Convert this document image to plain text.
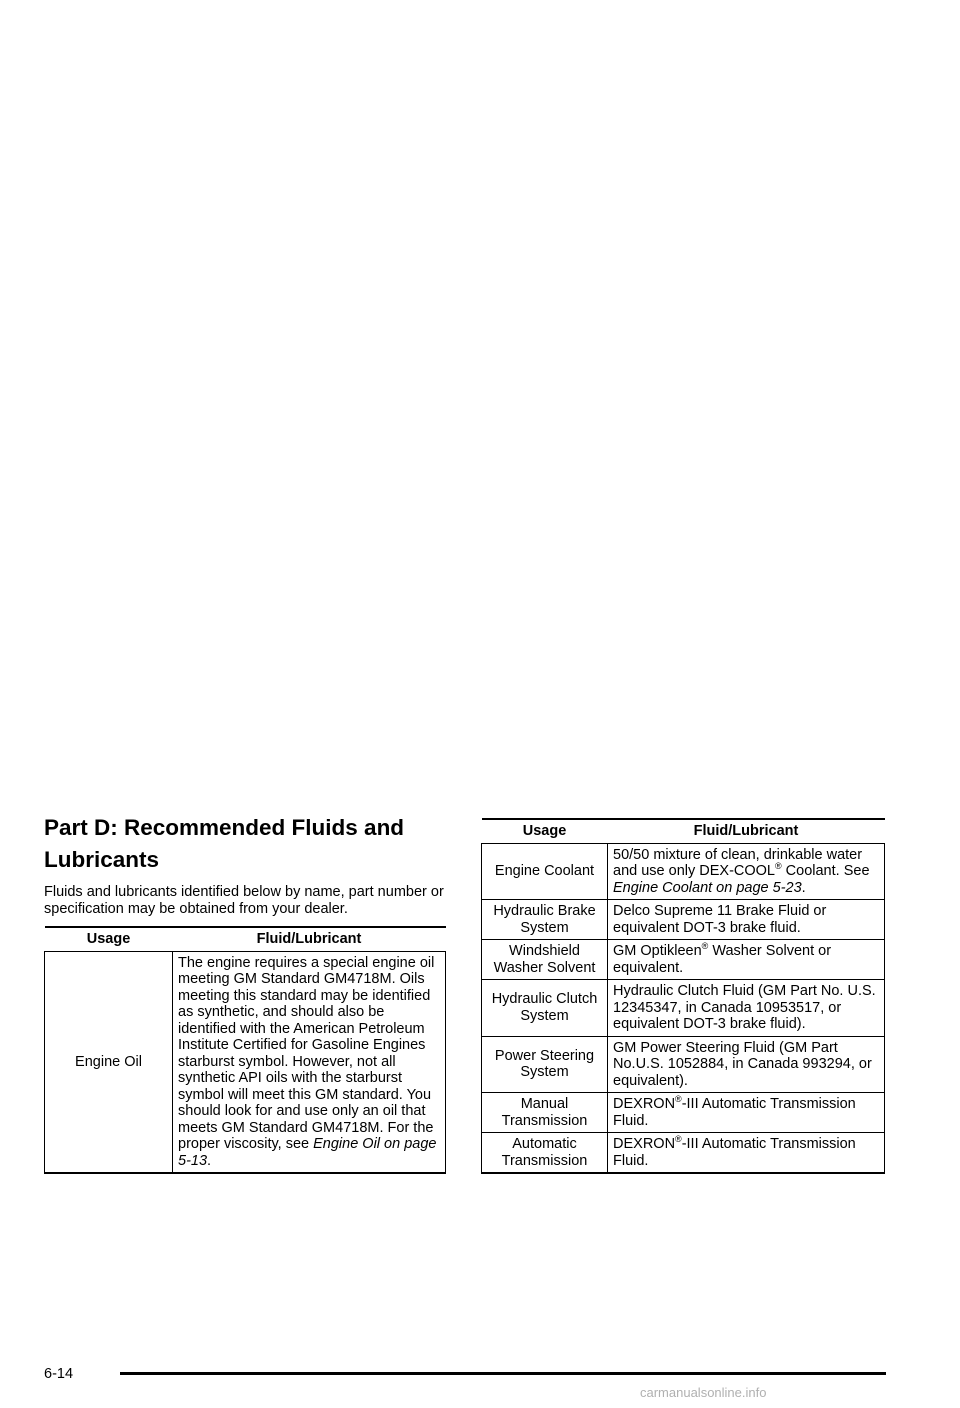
Part D: Recommended Fluids and Lubricants

Fluids and lubricants identified below by name, part number or specification may be obtained from your dealer.

Usage	Fluid/Lubricant
Engine Oil	The engine requires a special engine oil meeting GM Standard GM4718M. Oils meeting this standard may be identified as synthetic, and should also be identified with the American Petroleum Institute Certified for Gasoline Engines starburst symbol. However, not all synthetic API oils with the starburst symbol will meet this GM standard. You should look for and use only an oil that meets GM Standard GM4718M. For the proper viscosity, see Engine Oil on page 5-13.
Usage	Fluid/Lubricant
Engine Coolant	50/50 mixture of clean, drinkable water and use only DEX-COOL® Coolant. See Engine Coolant on page 5-23.
Hydraulic Brake System	Delco Supreme 11 Brake Fluid or equivalent DOT-3 brake fluid.
Windshield Washer Solvent	GM Optikleen® Washer Solvent or equivalent.
Hydraulic Clutch System	Hydraulic Clutch Fluid (GM Part No. U.S. 12345347, in Canada 10953517, or equivalent DOT-3 brake fluid).
Power Steering System	GM Power Steering Fluid (GM Part No.U.S. 1052884, in Canada 993294, or equivalent).
Manual Transmission	DEXRON®-III Automatic Transmission Fluid.
Automatic Transmission	DEXRON®-III Automatic Transmission Fluid.
6-14
carmanualsonline.info
